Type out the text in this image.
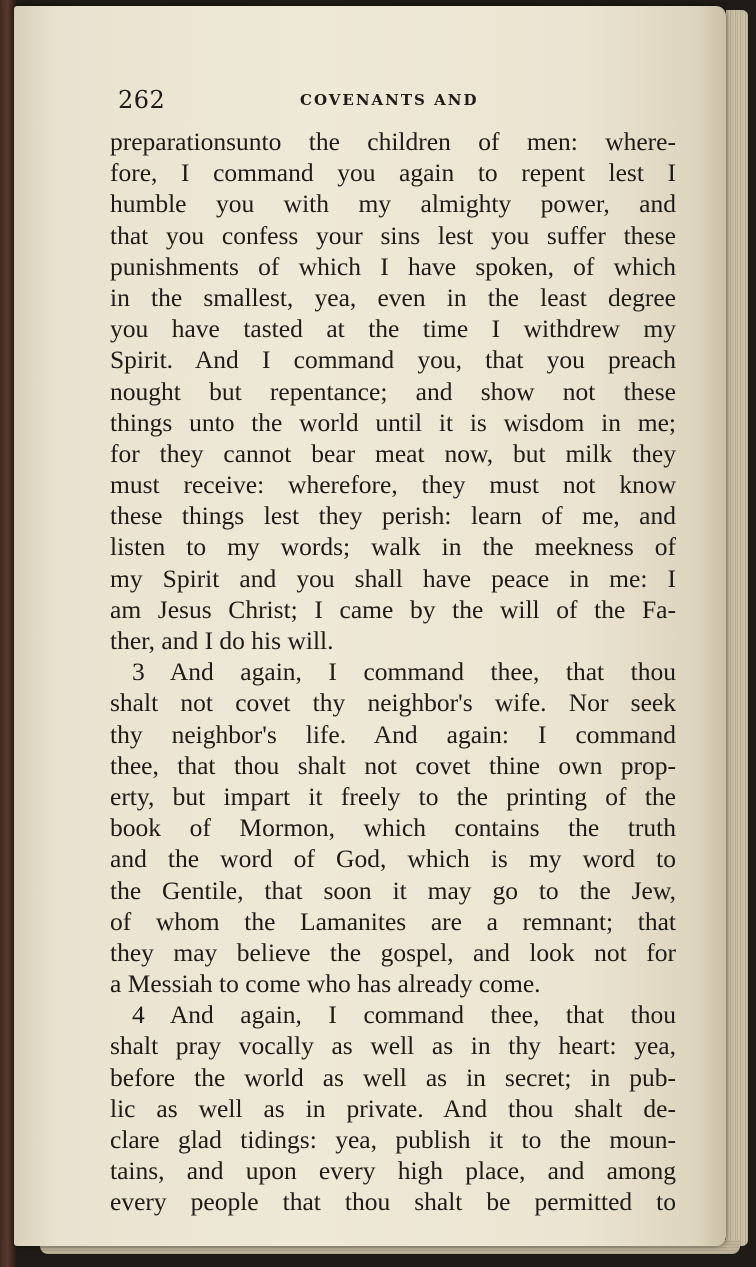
262	COVENANTS AND
preparationsunto the children of men: where-
fore, I command you again to repent lest I
humble you with my almighty power, and
that you confess your sins lest you suffer these
punishments of which I have spoken, of which
in the smallest, yea, even in the least degree
you have tasted at the time I withdrew my
Spirit. And I command you, that you preach
nought but repentance; and show not these
things unto the world until it is wisdom in me;
for they cannot bear meat now, but milk they
must receive: wherefore, they must not know
these things lest they perish: learn of me, and
listen to my words; walk in the meekness of
my Spirit and you shall have peace in me: I
am Jesus Christ; I came by the will of the Fa-
ther, and I do his will.
3 And again, I command thee, that thou
shalt not covet thy neighbor's wife. Nor seek
thy neighbor's life. And again: I command
thee, that thou shalt not covet thine own prop-
erty, but impart it freely to the printing of the
book of Mormon, which contains the truth
and the word of God, which is my word to
the Gentile, that soon it may go to the Jew,
of whom the Lamanites are a remnant; that
they may believe the gospel, and look not for
a Messiah to come who has already come.
4 And again, I command thee, that thou
shalt pray vocally as well as in thy heart: yea,
before the world as well as in secret; in pub-
lic as well as in private. And thou shalt de-
clare glad tidings: yea, publish it to the moun-
tains, and upon every high place, and among
every people that thou shalt be permitted to
